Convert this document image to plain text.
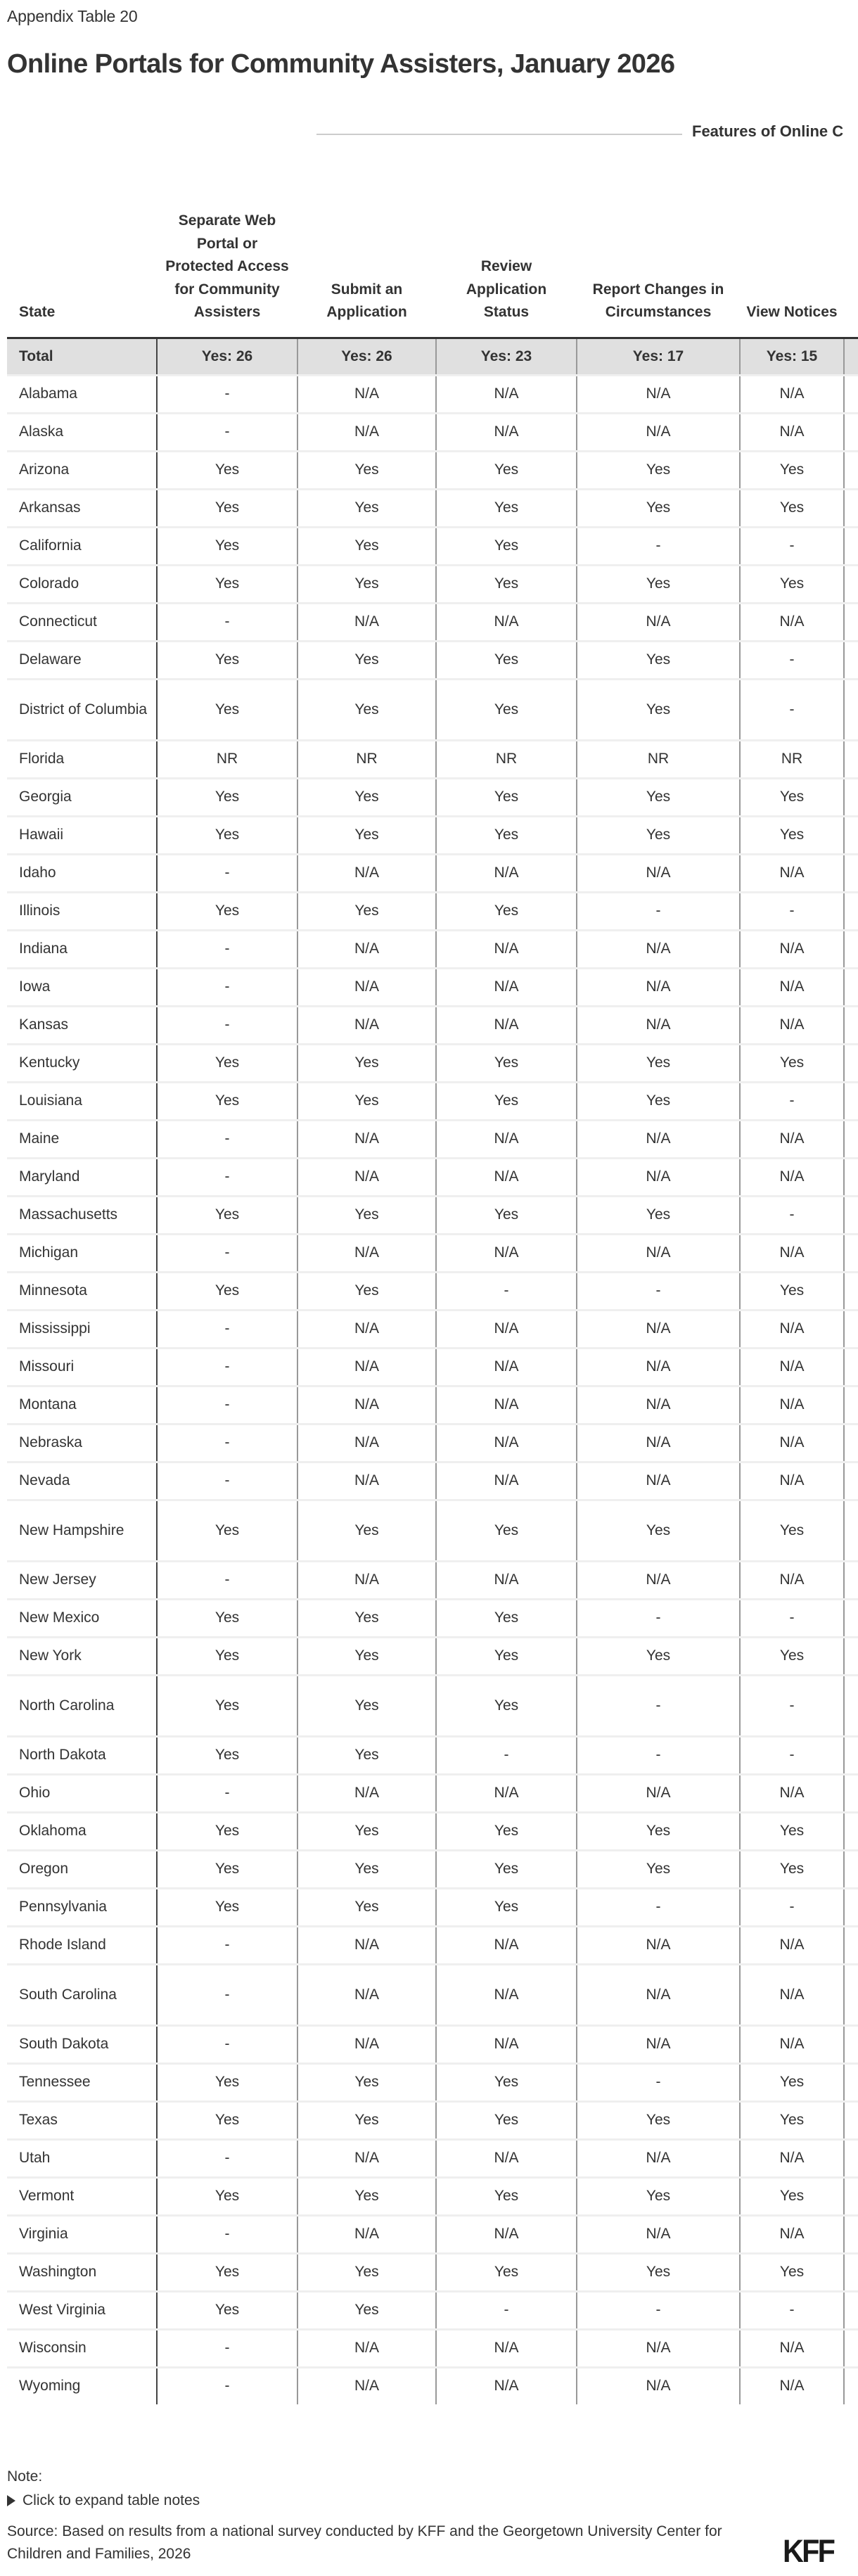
Appendix Table 20
Online Portals for Community Assisters, January 2026
Features of Online C
State	Separate Web Portal or Protected Access for Community Assisters	Submit an Application	Review Application Status	Report Changes in Circumstances	View Notices	
Total	Yes: 26	Yes: 26	Yes: 23	Yes: 17	Yes: 15	
Alabama	-	N/A	N/A	N/A	N/A	
Alaska	-	N/A	N/A	N/A	N/A	
Arizona	Yes	Yes	Yes	Yes	Yes	
Arkansas	Yes	Yes	Yes	Yes	Yes	
California	Yes	Yes	Yes	-	-	
Colorado	Yes	Yes	Yes	Yes	Yes	
Connecticut	-	N/A	N/A	N/A	N/A	
Delaware	Yes	Yes	Yes	Yes	-	
District of Columbia	Yes	Yes	Yes	Yes	-	
Florida	NR	NR	NR	NR	NR	
Georgia	Yes	Yes	Yes	Yes	Yes	
Hawaii	Yes	Yes	Yes	Yes	Yes	
Idaho	-	N/A	N/A	N/A	N/A	
Illinois	Yes	Yes	Yes	-	-	
Indiana	-	N/A	N/A	N/A	N/A	
Iowa	-	N/A	N/A	N/A	N/A	
Kansas	-	N/A	N/A	N/A	N/A	
Kentucky	Yes	Yes	Yes	Yes	Yes	
Louisiana	Yes	Yes	Yes	Yes	-	
Maine	-	N/A	N/A	N/A	N/A	
Maryland	-	N/A	N/A	N/A	N/A	
Massachusetts	Yes	Yes	Yes	Yes	-	
Michigan	-	N/A	N/A	N/A	N/A	
Minnesota	Yes	Yes	-	-	Yes	
Mississippi	-	N/A	N/A	N/A	N/A	
Missouri	-	N/A	N/A	N/A	N/A	
Montana	-	N/A	N/A	N/A	N/A	
Nebraska	-	N/A	N/A	N/A	N/A	
Nevada	-	N/A	N/A	N/A	N/A	
New Hampshire	Yes	Yes	Yes	Yes	Yes	
New Jersey	-	N/A	N/A	N/A	N/A	
New Mexico	Yes	Yes	Yes	-	-	
New York	Yes	Yes	Yes	Yes	Yes	
North Carolina	Yes	Yes	Yes	-	-	
North Dakota	Yes	Yes	-	-	-	
Ohio	-	N/A	N/A	N/A	N/A	
Oklahoma	Yes	Yes	Yes	Yes	Yes	
Oregon	Yes	Yes	Yes	Yes	Yes	
Pennsylvania	Yes	Yes	Yes	-	-	
Rhode Island	-	N/A	N/A	N/A	N/A	
South Carolina	-	N/A	N/A	N/A	N/A	
South Dakota	-	N/A	N/A	N/A	N/A	
Tennessee	Yes	Yes	Yes	-	Yes	
Texas	Yes	Yes	Yes	Yes	Yes	
Utah	-	N/A	N/A	N/A	N/A	
Vermont	Yes	Yes	Yes	Yes	Yes	
Virginia	-	N/A	N/A	N/A	N/A	
Washington	Yes	Yes	Yes	Yes	Yes	
West Virginia	Yes	Yes	-	-	-	
Wisconsin	-	N/A	N/A	N/A	N/A	
Wyoming	-	N/A	N/A	N/A	N/A	
Note:
Click to expand table notes
Source: Based on results from a national survey conducted by KFF and the Georgetown University Center for Children and Families, 2026	KFF
